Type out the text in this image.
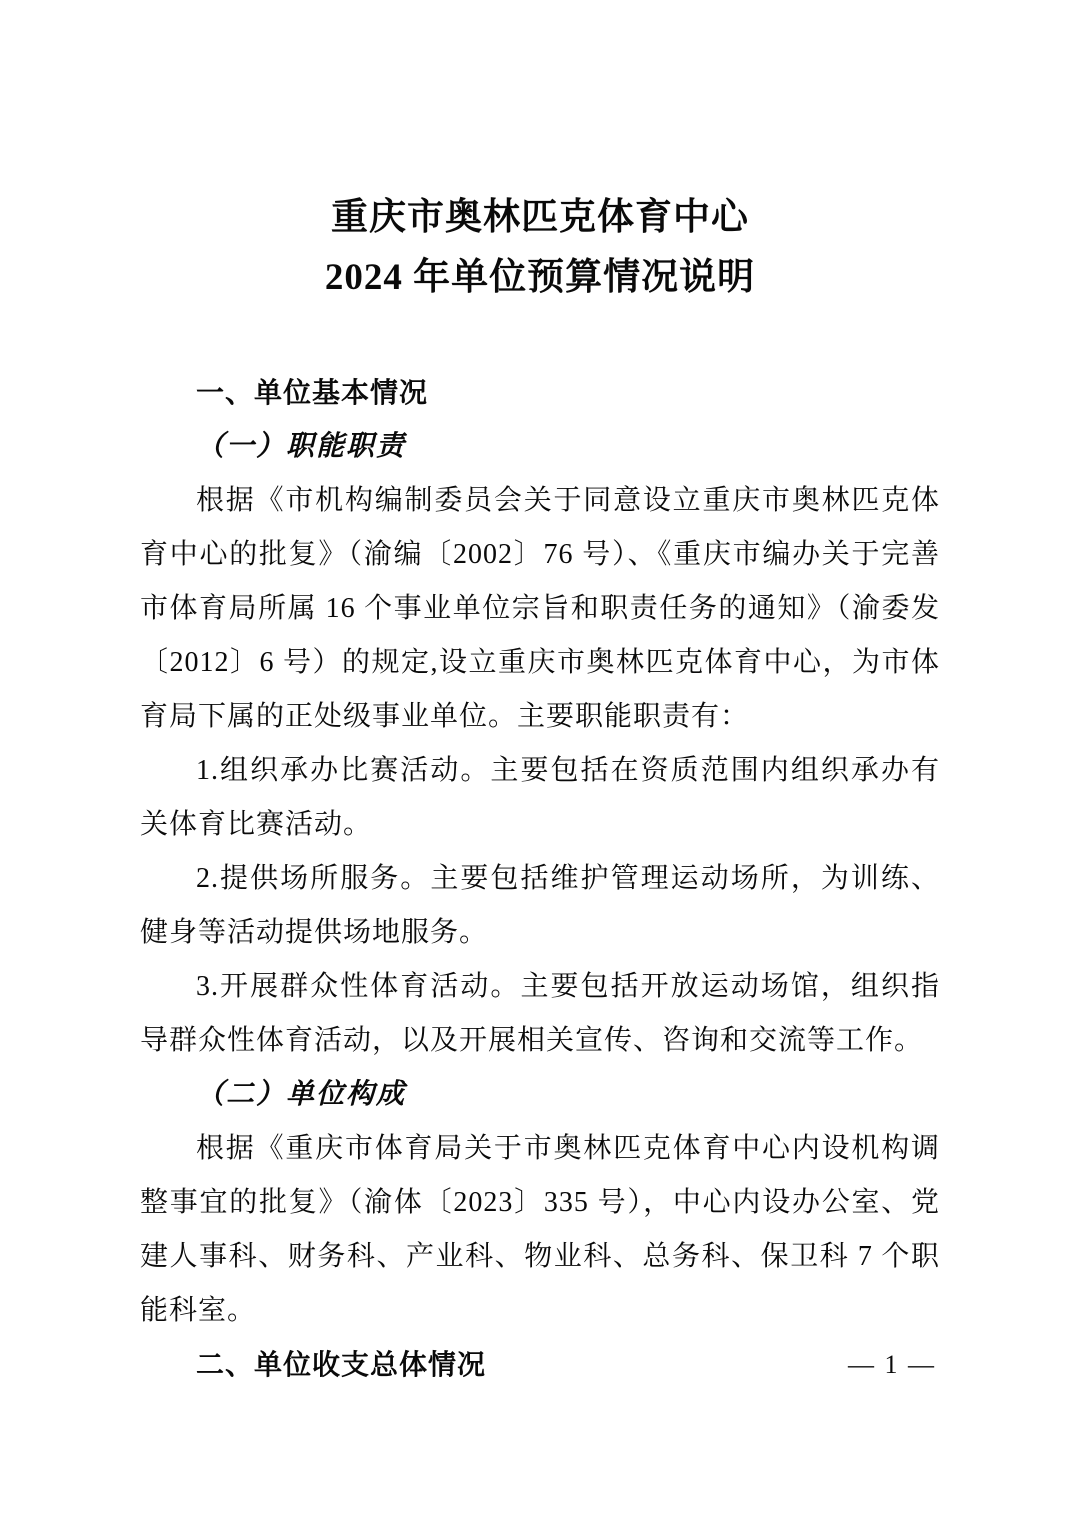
重庆市奥林匹克体育中心
2024 年单位预算情况说明
一、单位基本情况
（一）职能职责

根据《市机构编制委员会关于同意设立重庆市奥林匹克体育中心的批复》（渝编〔2002〕76 号）、《重庆市编办关于完善市体育局所属 16 个事业单位宗旨和职责任务的通知》（渝委发〔2012〕6 号）的规定,设立重庆市奥林匹克体育中心，为市体育局下属的正处级事业单位。主要职能职责有：

1.组织承办比赛活动。主要包括在资质范围内组织承办有关体育比赛活动。

2.提供场所服务。主要包括维护管理运动场所，为训练、健身等活动提供场地服务。

3.开展群众性体育活动。主要包括开放运动场馆，组织指导群众性体育活动，以及开展相关宣传、咨询和交流等工作。

（二）单位构成

根据《重庆市体育局关于市奥林匹克体育中心内设机构调整事宜的批复》（渝体〔2023〕335 号），中心内设办公室、党建人事科、财务科、产业科、物业科、总务科、保卫科 7 个职能科室。

二、单位收支总体情况	— 1 —
